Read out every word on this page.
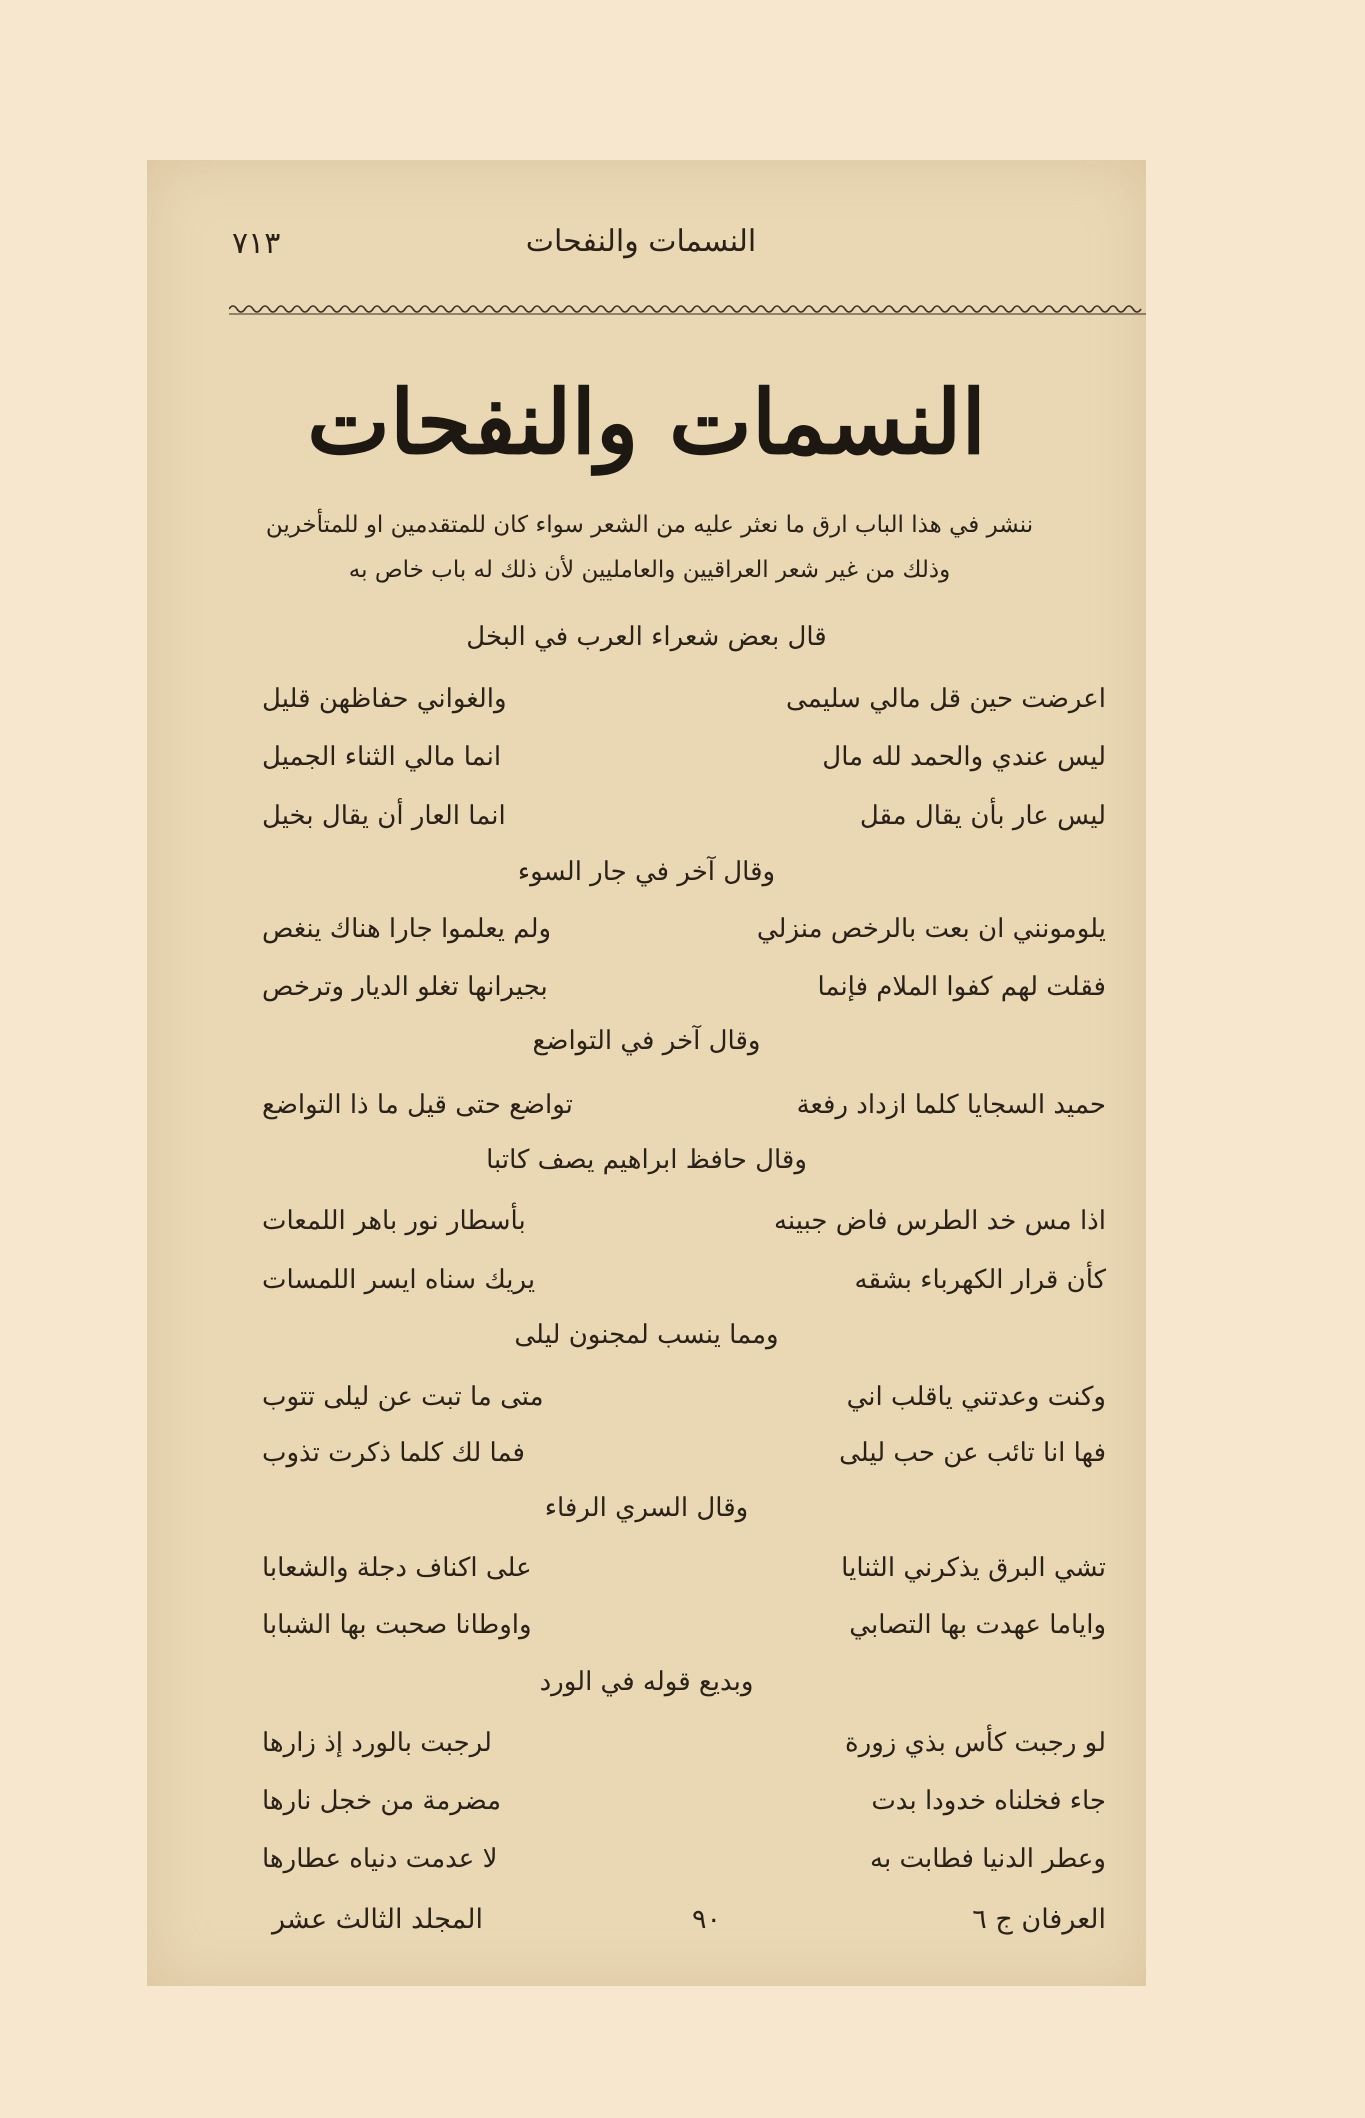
النسمات والنفحات
٧١٣
النسمات والنفحات
ننشر في هذا الباب ارق ما نعثر عليه من الشعر سواء كان للمتقدمين او للمتأخرين
وذلك من غير شعر العراقيين والعامليين لأن ذلك له باب خاص به
قال بعض شعراء العرب في البخل
اعرضت حين قل مالي سليمى
والغواني حفاظهن قليل
ليس عندي والحمد لله مال
انما مالي الثناء الجميل
ليس عار بأن يقال مقل
انما العار أن يقال بخيل
وقال آخر في جار السوء
يلومونني ان بعت بالرخص منزلي
ولم يعلموا جارا هناك ينغص
فقلت لهم كفوا الملام فإنما
بجيرانها تغلو الديار وترخص
وقال آخر في التواضع
حميد السجايا كلما ازداد رفعة
تواضع حتى قيل ما ذا التواضع
وقال حافظ ابراهيم يصف كاتبا
اذا مس خد الطرس فاض جبينه
بأسطار نور باهر اللمعات
كأن قرار الكهرباء بشقه
يريك سناه ايسر اللمسات
ومما ينسب لمجنون ليلى
وكنت وعدتني ياقلب اني
متى ما تبت عن ليلى تتوب
فها انا تائب عن حب ليلى
فما لك كلما ذكرت تذوب
وقال السري الرفاء
تشي البرق يذكرني الثنايا
على اكناف دجلة والشعابا
واياما عهدت بها التصابي
واوطانا صحبت بها الشبابا
وبديع قوله في الورد
لو رجبت كأس بذي زورة
لرجبت بالورد إذ زارها
جاء فخلناه خدودا بدت
مضرمة من خجل نارها
وعطر الدنيا فطابت به
لا عدمت دنياه عطارها
العرفان ج ٦
٩٠
المجلد الثالث عشر
